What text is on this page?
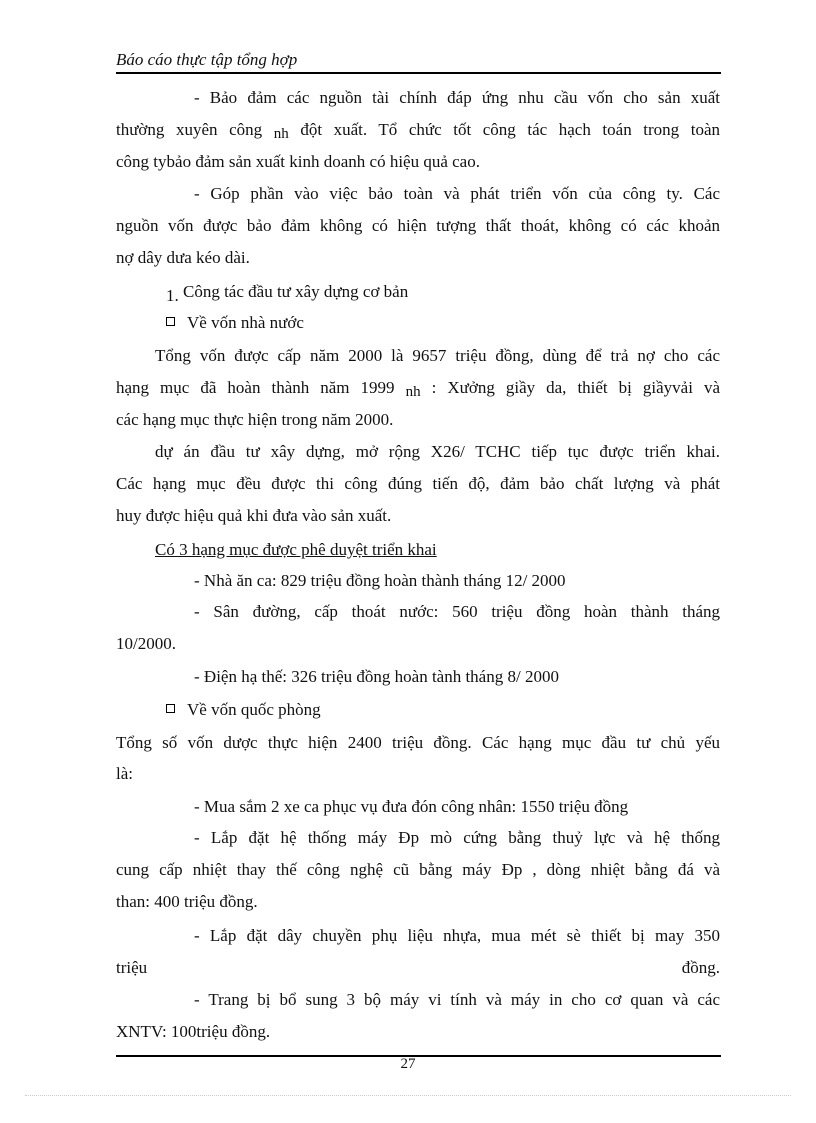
Báo cáo thực tập tổng hợp
- Bảo đảm các nguồn tài chính đáp ứng nhu cầu vốn cho sản xuất
thường xuyên công nh đột xuất. Tổ chức tốt công tác hạch toán trong toàn
công tybảo đảm sản xuất kinh doanh có hiệu quả cao.
- Góp phần vào việc bảo toàn và phát triển vốn của công ty. Các
nguồn vốn được bảo đảm không có hiện tượng thất thoát, không có các khoản
nợ dây dưa kéo dài.
1. Công tác đầu tư xây dựng cơ bản
Về vốn nhà nước
Tổng vốn được cấp năm 2000 là 9657 triệu đồng, dùng để trả nợ cho các
hạng mục đã hoàn thành năm 1999 nh : Xưởng giầy da, thiết bị giầyvải và
các hạng mục thực hiện trong năm 2000.
dự án đầu tư xây dựng, mở rộng X26/ TCHC tiếp tục được triển khai.
Các hạng mục đều được thi công đúng tiến độ, đảm bảo chất lượng và phát
huy được hiệu quả khi đưa vào sản xuất.
Có 3 hạng mục được phê duyệt triển khai
- Nhà ăn ca: 829 triệu đồng hoàn thành tháng 12/ 2000
- Sân đường, cấp thoát nước: 560 triệu đồng hoàn thành tháng
10/2000.
- Điện hạ thế: 326 triệu đồng hoàn tành tháng 8/ 2000
Về vốn quốc phòng
Tổng số vốn dược thực hiện 2400 triệu đồng. Các hạng mục đầu tư chủ yếu
là:
- Mua sắm 2 xe ca phục vụ đưa đón công nhân: 1550 triệu đồng
- Lắp đặt hệ thống máy Đp mò cứng bằng thuỷ lực và hệ thống
cung cấp nhiệt thay thế công nghệ cũ bằng máy Đp , dòng nhiệt bằng đá và
than: 400 triệu đồng.
- Lắp đặt dây chuyền phụ liệu nhựa, mua mét sè thiết bị may 350
triệu	đồng.
- Trang bị bổ sung 3 bộ máy vi tính và máy in cho cơ quan và các
XNTV: 100triệu đồng.
27
